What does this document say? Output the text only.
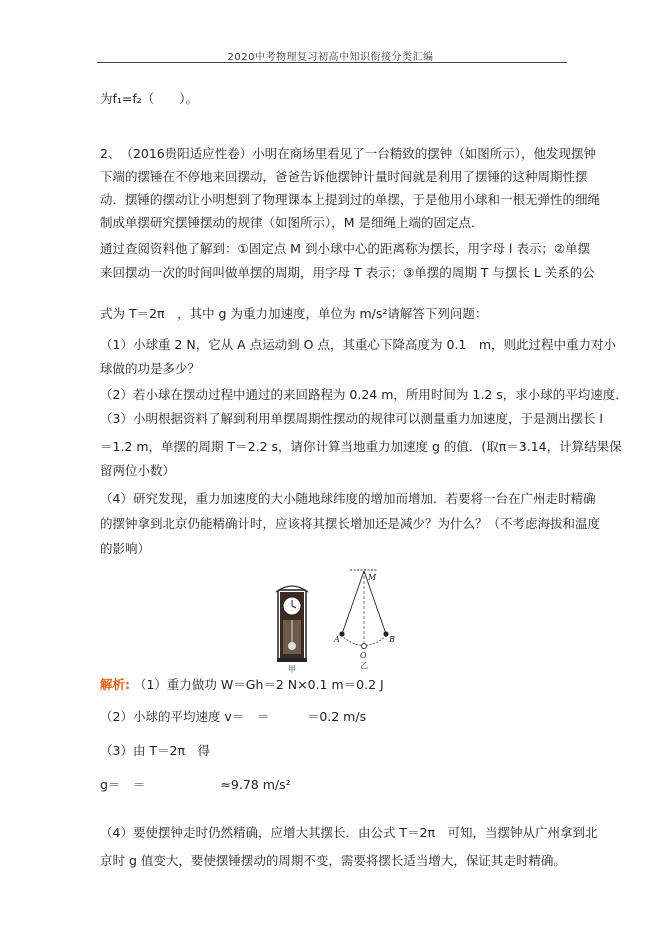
2020中考物理复习初高中知识衔接分类汇编
为f₁=f₂（　　）。
2、　（2016贵阳适应性卷）小明在商场里看见了一台精致的摆钟（如图所示），他发现摆钟
下端的摆锤在不停地来回摆动，爸爸告诉他摆钟计量时间就是利用了摆锤的这种周期性摆
动．摆锤的摆动让小明想到了物理课本上提到过的单摆，于是他用小球和一根无弹性的细绳
制成单摆研究摆锤摆动的规律（如图所示），M 是细绳上端的固定点．
通过查阅资料他了解到：①固定点 M 到小球中心的距离称为摆长，用字母 l 表示；②单摆
来回摆动一次的时间叫做单摆的周期，用字母 T 表示；③单摆的周期 T 与摆长 L 关系的公
式为 T＝2π　，其中 g 为重力加速度，单位为 m/s²请解答下列问题：
（1）小球重 2 N，它从 A 点运动到 O 点，其重心下降高度为 0.1　m，则此过程中重力对小
球做的功是多少？
（2）若小球在摆动过程中通过的来回路程为 0.24 m，所用时间为 1.2 s，求小球的平均速度．
（3）小明根据资料了解到利用单摆周期性摆动的规律可以测量重力加速度，于是测出摆长 l
＝1.2 m，单摆的周期 T＝2.2 s，请你计算当地重力加速度 g 的值．(取π＝3.14，计算结果保
留两位小数）
（4）研究发现，重力加速度的大小随地球纬度的增加而增加．若要将一台在广州走时精确
的摆钟拿到北京仍能精确计时，应该将其摆长增加还是减少？为什么？（不考虑海拔和温度
的影响）
甲
M
A	B
O
乙
解析: （1）重力做功 W＝Gh＝2 N×0.1 m＝0.2 J
（2）小球的平均速度 v＝　＝　　　＝0.2 m/s
（3）由 T＝2π　得
g＝　＝　　　　　　≈9.78 m/s²
（4）要使摆钟走时仍然精确，应增大其摆长．由公式 T＝2π　可知，当摆钟从广州拿到北
京时 g 值变大，要使摆锤摆动的周期不变，需要将摆长适当增大，保证其走时精确。
